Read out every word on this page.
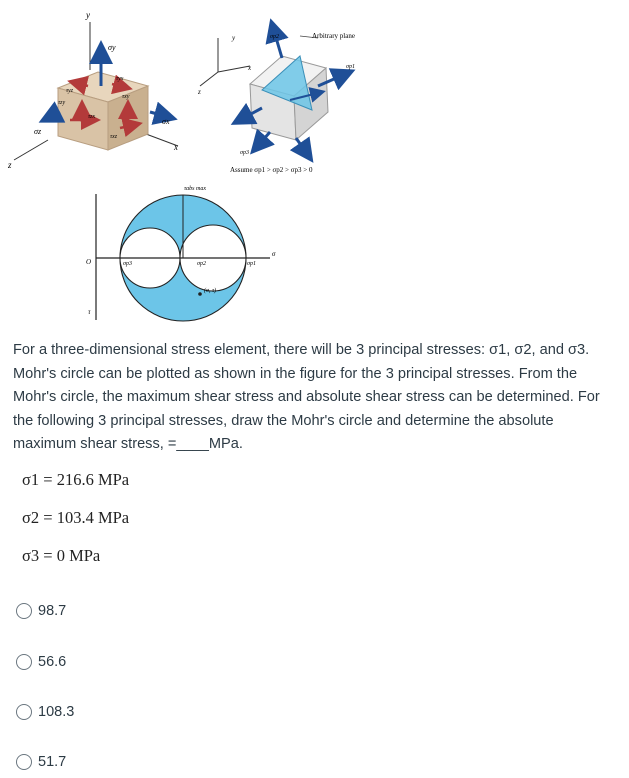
y
x
z
σy
σx
σz
τyx
τyz
τxy
τzy
τzx
τxz
y
x
z
σp2	Arbitrary plane
σp1
σp3
Assume σp1 > σp2 > σp3 > 0
τabs max
O
σ
τ
σp3	σp2	σp1
(σ, τ)
For a three-dimensional stress element, there will be 3 principal stresses: σ1, σ2, and σ3. Mohr's circle can be plotted as shown in the figure for the 3 principal stresses. From the Mohr's circle, the maximum shear stress and absolute shear stress can be determined. For the following 3 principal stresses, draw the Mohr's circle and determine the absolute maximum shear stress, =____MPa.
σ1 = 216.6 MPa
σ2 = 103.4 MPa
σ3 = 0 MPa
98.7
56.6
108.3
51.7
